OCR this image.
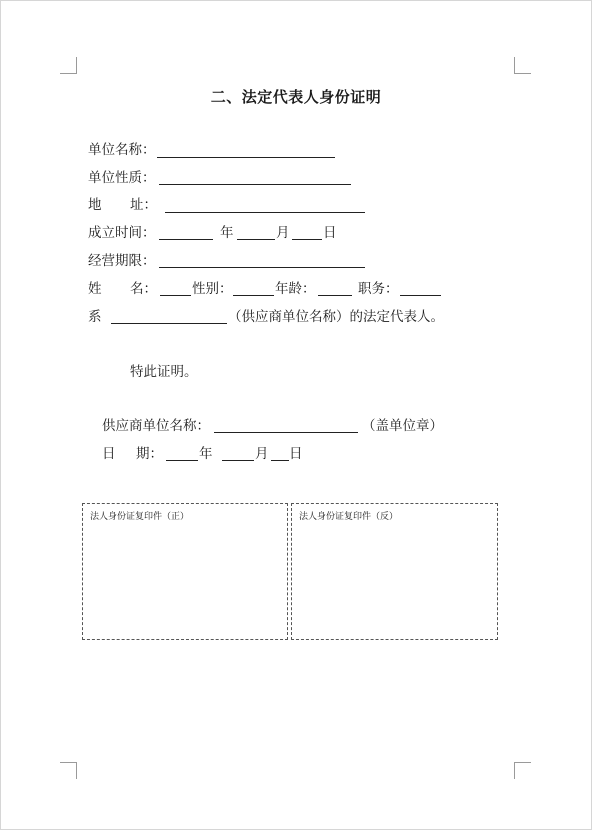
二、法定代表人身份证明
单位名称：
单位性质：
地 址：
成立时间：	年	月 日
经营期限：
姓 名：	性别：	年龄：	职务：
系	（供应商单位名称）的法定代表人。
特此证明。
供应商单位名称：	（盖单位章）
日 期：	年	月 日
法人身份证复印件（正）	法人身份证复印件（反）
